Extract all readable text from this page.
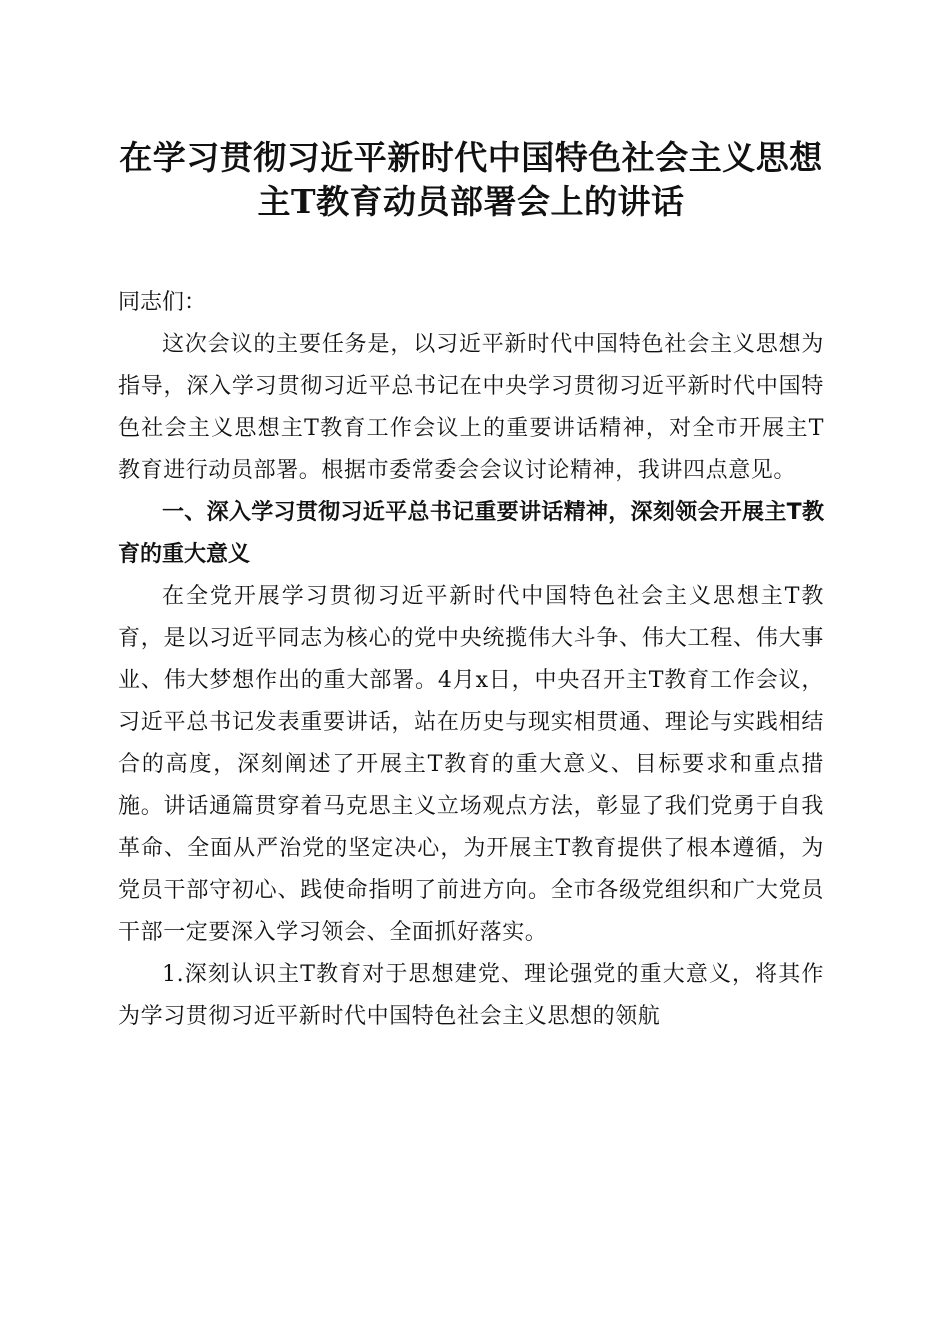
在学习贯彻习近平新时代中国特色社会主义思想主T教育动员部署会上的讲话

同志们：

这次会议的主要任务是，以习近平新时代中国特色社会主义思想为指导，深入学习贯彻习近平总书记在中央学习贯彻习近平新时代中国特色社会主义思想主T教育工作会议上的重要讲话精神，对全市开展主T教育进行动员部署。根据市委常委会会议讨论精神，我讲四点意见。

一、深入学习贯彻习近平总书记重要讲话精神，深刻领会开展主T教育的重大意义

在全党开展学习贯彻习近平新时代中国特色社会主义思想主T教育，是以习近平同志为核心的党中央统揽伟大斗争、伟大工程、伟大事业、伟大梦想作出的重大部署。4月x日，中央召开主T教育工作会议，习近平总书记发表重要讲话，站在历史与现实相贯通、理论与实践相结合的高度，深刻阐述了开展主T教育的重大意义、目标要求和重点措施。讲话通篇贯穿着马克思主义立场观点方法，彰显了我们党勇于自我革命、全面从严治党的坚定决心，为开展主T教育提供了根本遵循，为党员干部守初心、践使命指明了前进方向。全市各级党组织和广大党员干部一定要深入学习领会、全面抓好落实。

1.深刻认识主T教育对于思想建党、理论强党的重大意义，将其作为学习贯彻习近平新时代中国特色社会主义思想的领航
